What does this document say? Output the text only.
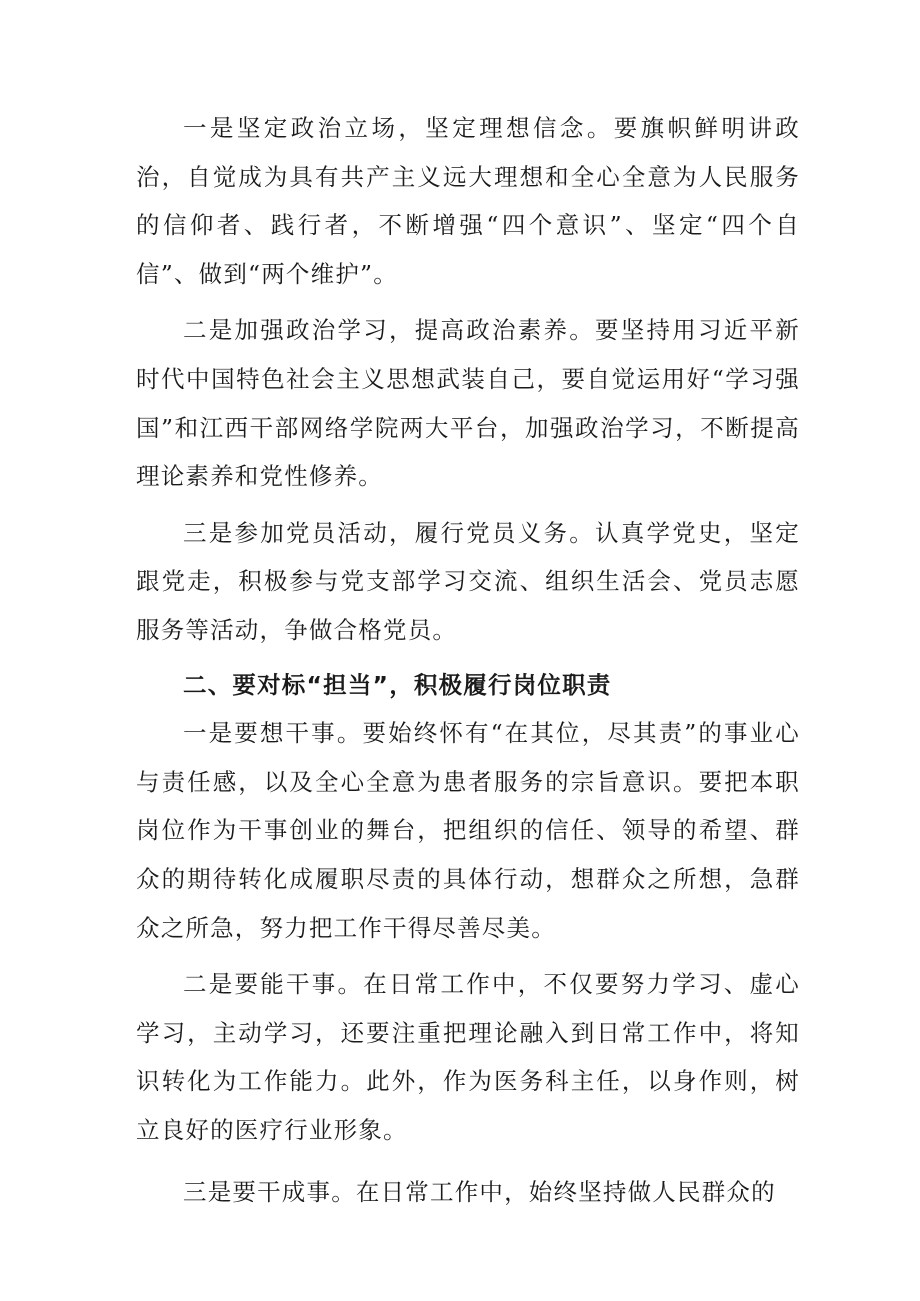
一是坚定政治立场，坚定理想信念。要旗帜鲜明讲政治，自觉成为具有共产主义远大理想和全心全意为人民服务的信仰者、践行者，不断增强“四个意识”、坚定“四个自信”、做到“两个维护”。

二是加强政治学习，提高政治素养。要坚持用习近平新时代中国特色社会主义思想武装自己，要自觉运用好“学习强国”和江西干部网络学院两大平台，加强政治学习，不断提高理论素养和党性修养。

三是参加党员活动，履行党员义务。认真学党史，坚定跟党走，积极参与党支部学习交流、组织生活会、党员志愿服务等活动，争做合格党员。

二、要对标“担当”，积极履行岗位职责

一是要想干事。要始终怀有“在其位，尽其责”的事业心与责任感，以及全心全意为患者服务的宗旨意识。要把本职岗位作为干事创业的舞台，把组织的信任、领导的希望、群众的期待转化成履职尽责的具体行动，想群众之所想，急群众之所急，努力把工作干得尽善尽美。

二是要能干事。在日常工作中，不仅要努力学习、虚心学习，主动学习，还要注重把理论融入到日常工作中，将知识转化为工作能力。此外，作为医务科主任，以身作则，树立良好的医疗行业形象。

三是要干成事。在日常工作中，始终坚持做人民群众的
